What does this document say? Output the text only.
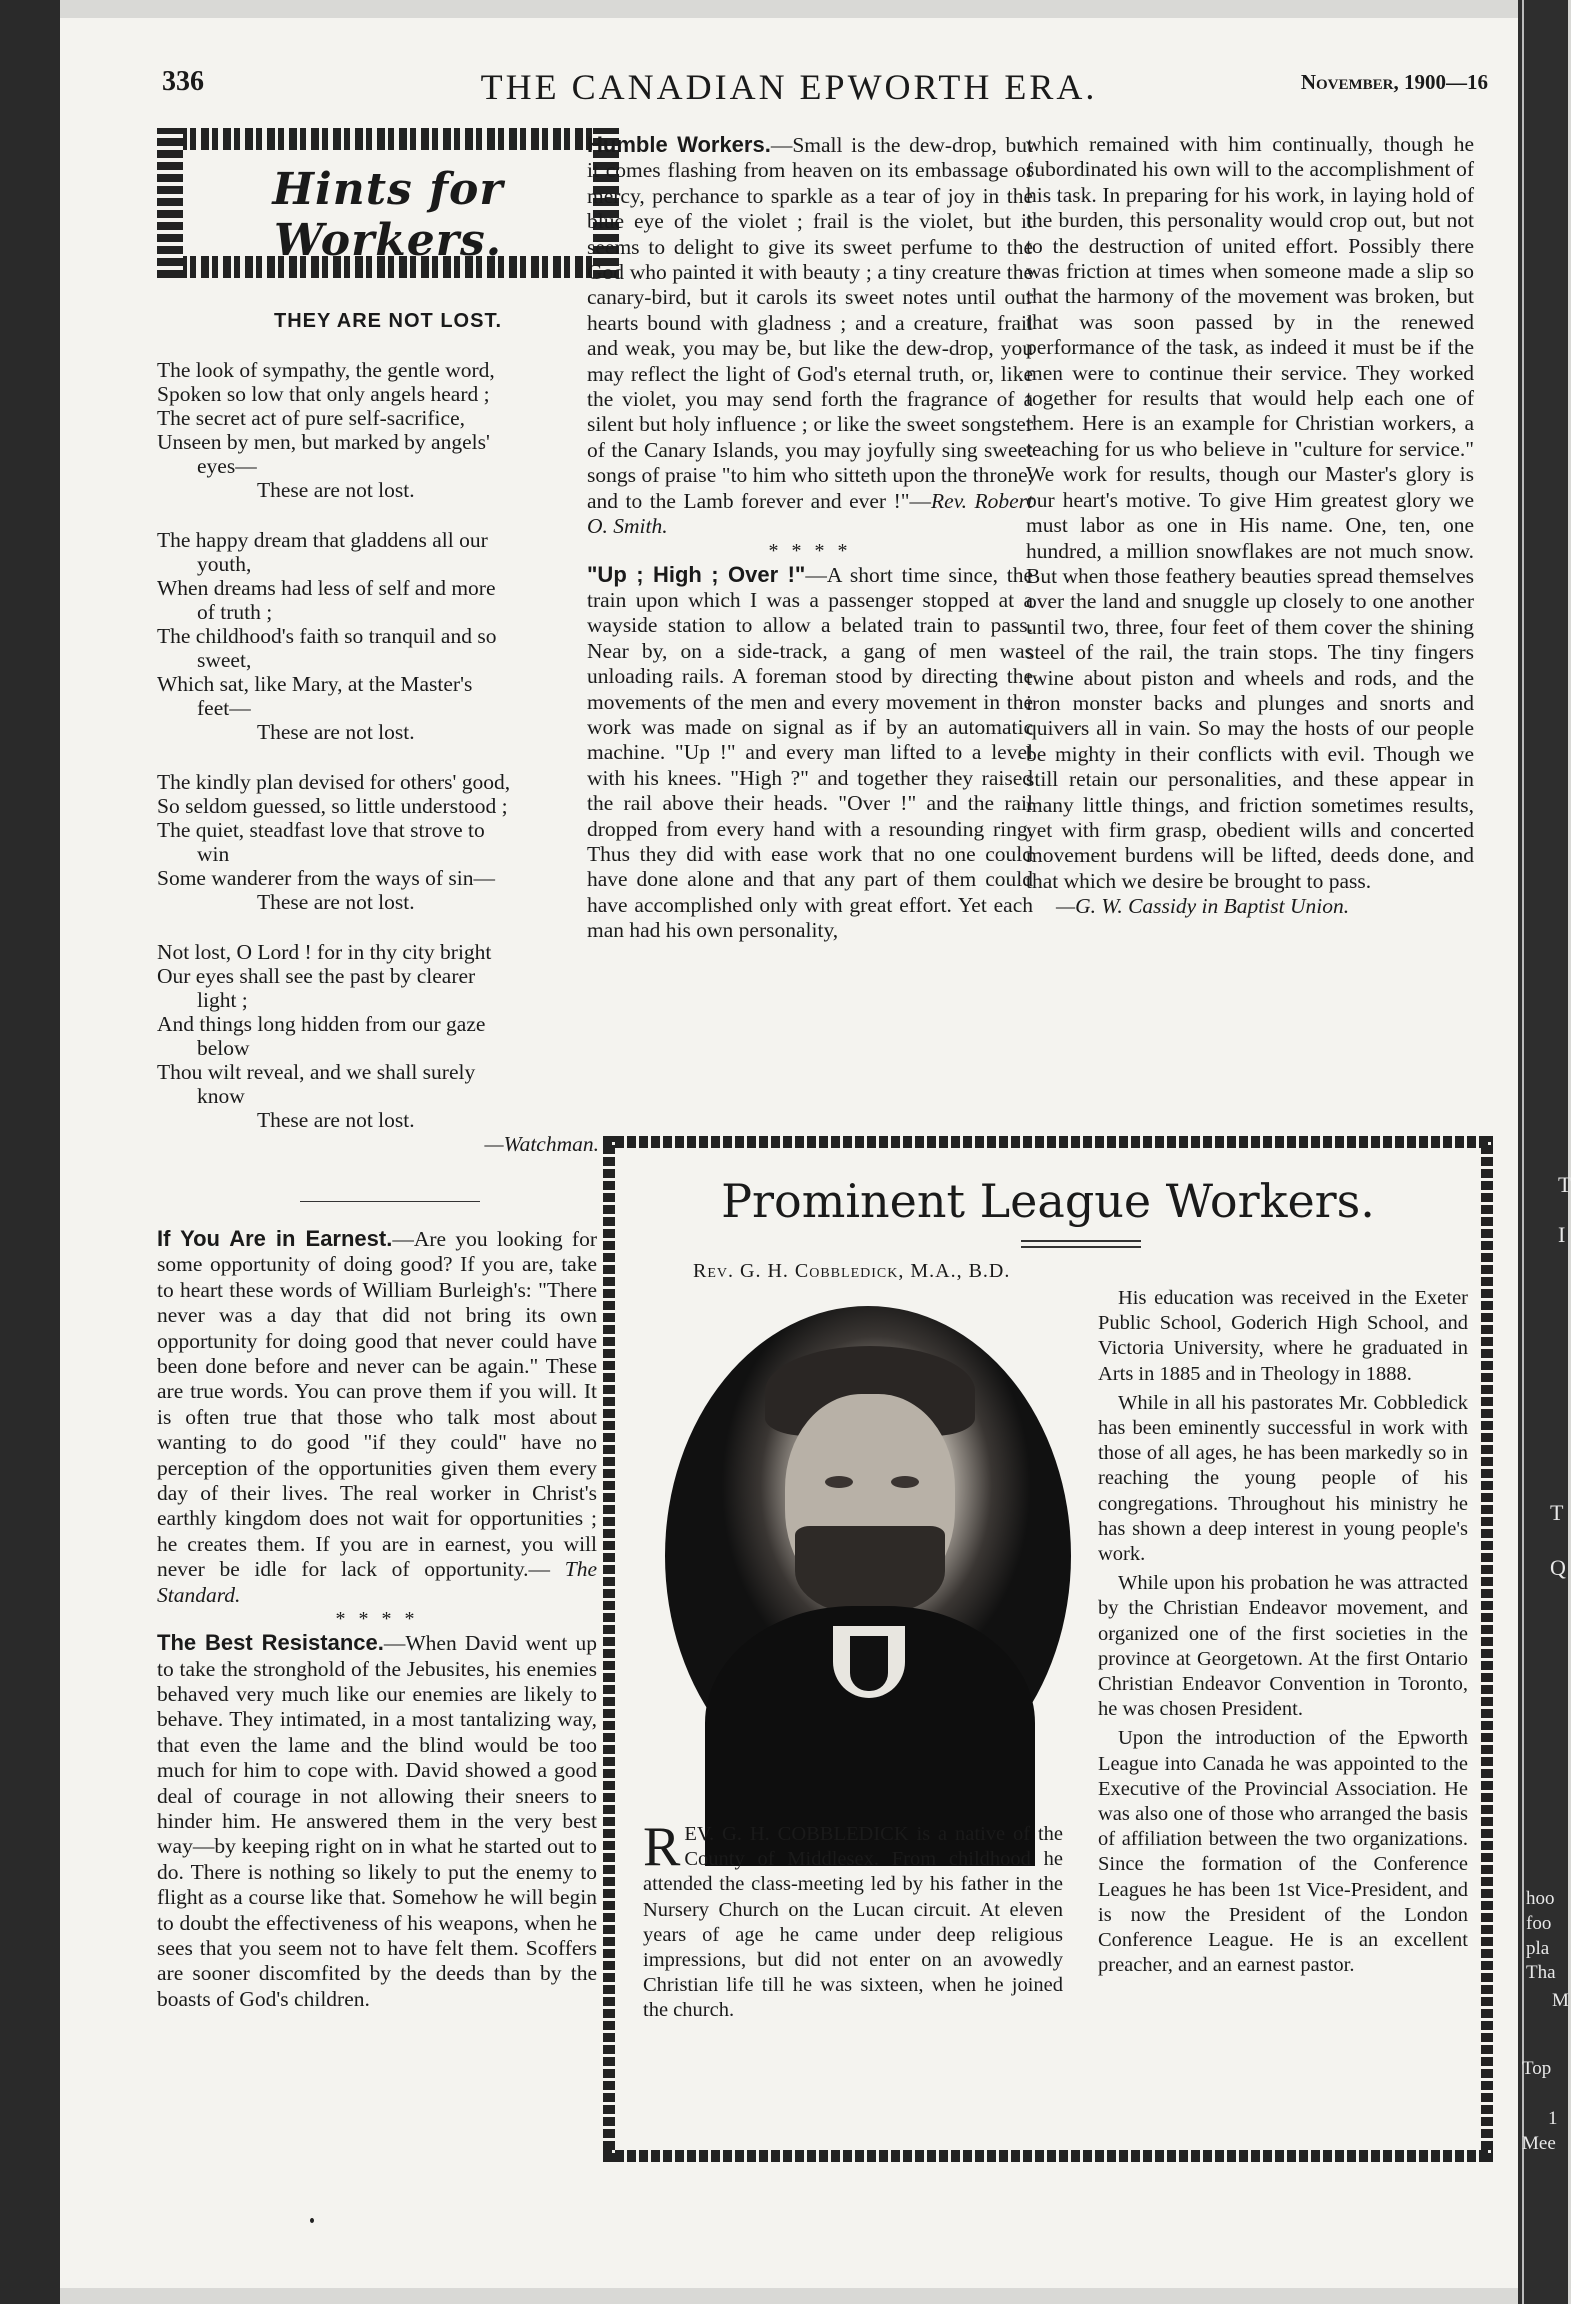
336	THE CANADIAN EPWORTH ERA.	November, 1900—16
Hints for Workers.
THEY ARE NOT LOST.
The look of sympathy, the gentle word,
Spoken so low that only angels heard ;
The secret act of pure self-sacrifice,
Unseen by men, but marked by angels'
eyes—
These are not lost.
The happy dream that gladdens all our
youth,
When dreams had less of self and more
of truth ;
The childhood's faith so tranquil and so
sweet,
Which sat, like Mary, at the Master's
feet—
These are not lost.
The kindly plan devised for others' good,
So seldom guessed, so little understood ;
The quiet, steadfast love that strove to
win
Some wanderer from the ways of sin—
These are not lost.
Not lost, O Lord ! for in thy city bright
Our eyes shall see the past by clearer
light ;
And things long hidden from our gaze
below
Thou wilt reveal, and we shall surely
know
These are not lost.
—Watchman.

If You Are in Earnest.—Are you looking for some opportunity of doing good? If you are, take to heart these words of William Burleigh's: "There never was a day that did not bring its own opportunity for doing good that never could have been done before and never can be again." These are true words. You can prove them if you will. It is often true that those who talk most about wanting to do good "if they could" have no perception of the opportunities given them every day of their lives. The real worker in Christ's earthly kingdom does not wait for opportunities ; he creates them. If you are in earnest, you will never be idle for lack of opportunity.— The Standard.

* * * *

The Best Resistance.—When David went up to take the stronghold of the Jebusites, his enemies behaved very much like our enemies are likely to behave. They intimated, in a most tantalizing way, that even the lame and the blind would be too much for him to cope with. David showed a good deal of courage in not allowing their sneers to hinder him. He answered them in the very best way—by keeping right on in what he started out to do. There is nothing so likely to put the enemy to flight as a course like that. Somehow he will begin to doubt the effectiveness of his weapons, when he sees that you seem not to have felt them. Scoffers are sooner discomfited by the deeds than by the boasts of God's children.

Humble Workers.—Small is the dew-drop, but it comes flashing from heaven on its embassage of mercy, perchance to sparkle as a tear of joy in the blue eye of the violet ; frail is the violet, but it seems to delight to give its sweet perfume to the God who painted it with beauty ; a tiny creature the canary-bird, but it carols its sweet notes until our hearts bound with gladness ; and a creature, frail and weak, you may be, but like the dew-drop, you may reflect the light of God's eternal truth, or, like the violet, you may send forth the fragrance of a silent but holy influence ; or like the sweet songster of the Canary Islands, you may joyfully sing sweet songs of praise "to him who sitteth upon the throne, and to the Lamb forever and ever !"—Rev. Robert O. Smith.

* * * *

"Up ; High ; Over !"—A short time since, the train upon which I was a passenger stopped at a wayside station to allow a belated train to pass. Near by, on a side-track, a gang of men was unloading rails. A foreman stood by directing the movements of the men and every movement in the work was made on signal as if by an automatic machine. "Up !" and every man lifted to a level with his knees. "High ?" and together they raised the rail above their heads. "Over !" and the rail dropped from every hand with a resounding ring. Thus they did with ease work that no one could have done alone and that any part of them could have accomplished only with great effort. Yet each man had his own personality,

which remained with him continually, though he subordinated his own will to the accomplishment of his task. In preparing for his work, in laying hold of the burden, this personality would crop out, but not to the destruction of united effort. Possibly there was friction at times when someone made a slip so that the harmony of the movement was broken, but that was soon passed by in the renewed performance of the task, as indeed it must be if the men were to continue their service. They worked together for results that would help each one of them. Here is an example for Christian workers, a teaching for us who believe in "culture for service." We work for results, though our Master's glory is our heart's motive. To give Him greatest glory we must labor as one in His name. One, ten, one hundred, a million snowflakes are not much snow. But when those feathery beauties spread themselves over the land and snuggle up closely to one another until two, three, four feet of them cover the shining steel of the rail, the train stops. The tiny fingers twine about piston and wheels and rods, and the iron monster backs and plunges and snorts and quivers all in vain. So may the hosts of our people be mighty in their conflicts with evil. Though we still retain our personalities, and these appear in many little things, and friction sometimes results, yet with firm grasp, obedient wills and concerted movement burdens will be lifted, deeds done, and that which we desire be brought to pass.

—G. W. Cassidy in Baptist Union.

Prominent League Workers.
Rev. G. H. Cobbledick, M.A., B.D.

REV. G. H. COBBLEDICK is a native of the County of Middlesex. From childhood he attended the class-meeting led by his father in the Nursery Church on the Lucan circuit. At eleven years of age he came under deep religious impressions, but did not enter on an avowedly Christian life till he was sixteen, when he joined the church.

His education was received in the Exeter Public School, Goderich High School, and Victoria University, where he graduated in Arts in 1885 and in Theology in 1888.

While in all his pastorates Mr. Cobbledick has been eminently successful in work with those of all ages, he has been markedly so in reaching the young people of his congregations. Throughout his ministry he has shown a deep interest in young people's work.

While upon his probation he was attracted by the Christian Endeavor movement, and organized one of the first societies in the province at Georgetown. At the first Ontario Christian Endeavor Convention in Toronto, he was chosen President.

Upon the introduction of the Epworth League into Canada he was appointed to the Executive of the Provincial Association. He was also one of those who arranged the basis of affiliation between the two organizations. Since the formation of the Conference Leagues he has been 1st Vice-President, and is now the President of the London Conference League. He is an excellent preacher, and an earnest pastor.

T
I
T
Q
hoo
foo
pla
Tha
M
Top
1
Mee
